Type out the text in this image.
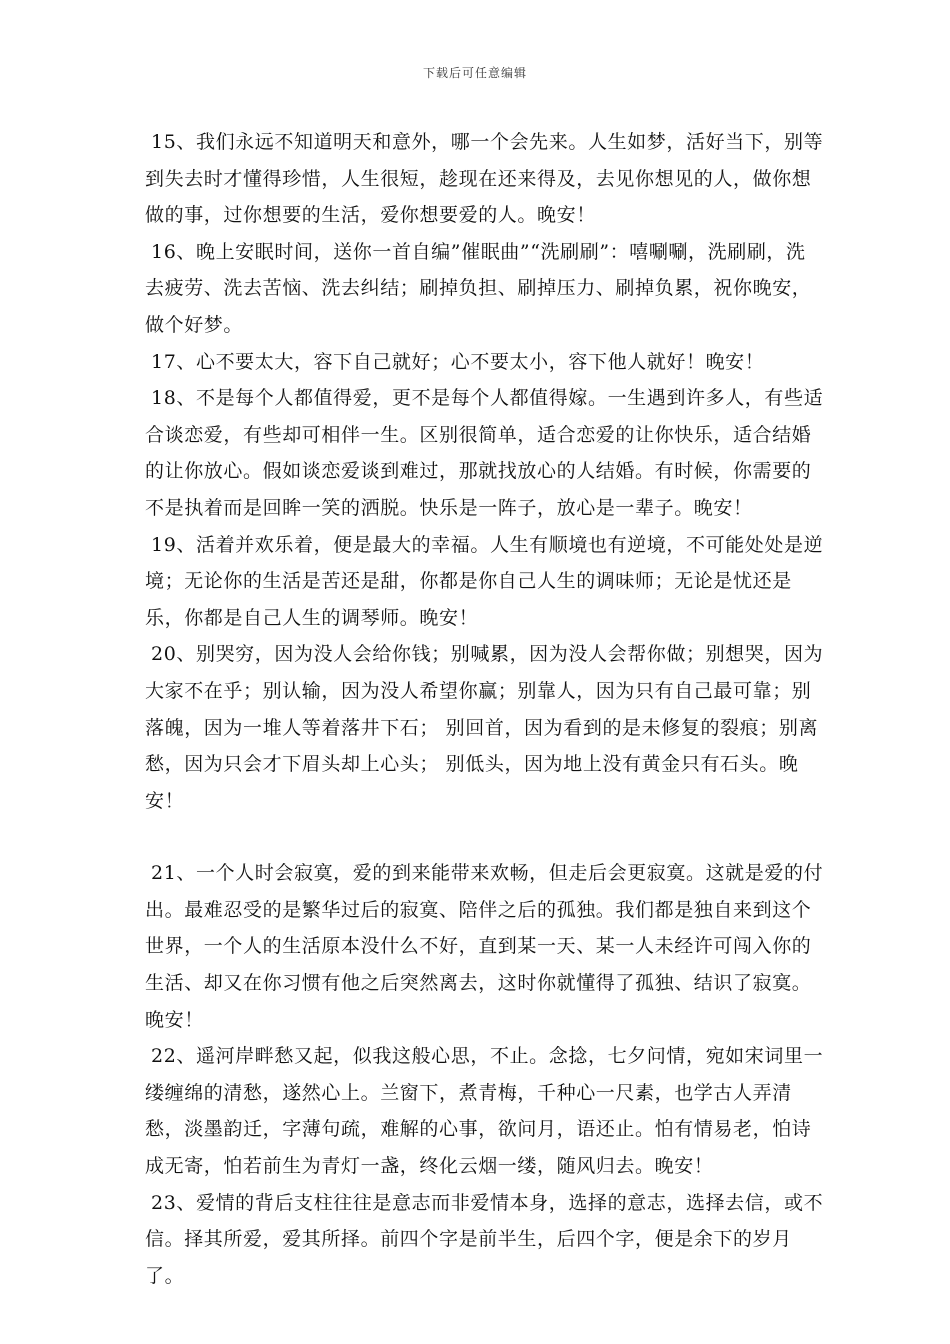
下载后可任意编辑

15、我们永远不知道明天和意外，哪一个会先来。人生如梦，活好当下，别等到失去时才懂得珍惜，人生很短，趁现在还来得及，去见你想见的人，做你想做的事，过你想要的生活，爱你想要爱的人。晚安！

16、晚上安眠时间，送你一首自编”催眠曲”“洗刷刷”：嘻唰唰，洗刷刷，洗去疲劳、洗去苦恼、洗去纠结；刷掉负担、刷掉压力、刷掉负累，祝你晚安，做个好梦。

17、心不要太大，容下自己就好；心不要太小，容下他人就好！晚安！

18、不是每个人都值得爱，更不是每个人都值得嫁。一生遇到许多人，有些适合谈恋爱，有些却可相伴一生。区别很简单，适合恋爱的让你快乐，适合结婚的让你放心。假如谈恋爱谈到难过，那就找放心的人结婚。有时候，你需要的不是执着而是回眸一笑的洒脱。快乐是一阵子，放心是一辈子。晚安！

19、活着并欢乐着，便是最大的幸福。人生有顺境也有逆境，不可能处处是逆境；无论你的生活是苦还是甜，你都是你自己人生的调味师；无论是忧还是乐，你都是自己人生的调琴师。晚安！

20、别哭穷，因为没人会给你钱；别喊累，因为没人会帮你做；别想哭，因为大家不在乎；别认输，因为没人希望你赢；别靠人，因为只有自己最可靠；别落魄，因为一堆人等着落井下石； 别回首，因为看到的是未修复的裂痕；别离愁，因为只会才下眉头却上心头； 别低头，因为地上没有黄金只有石头。晚安！

21、一个人时会寂寞，爱的到来能带来欢畅，但走后会更寂寞。这就是爱的付出。最难忍受的是繁华过后的寂寞、陪伴之后的孤独。我们都是独自来到这个世界，一个人的生活原本没什么不好，直到某一天、某一人未经许可闯入你的生活、却又在你习惯有他之后突然离去，这时你就懂得了孤独、结识了寂寞。晚安！

22、遥河岸畔愁又起，似我这般心思，不止。念捻，七夕问情，宛如宋词里一缕缠绵的清愁，遂然心上。兰窗下，煮青梅，千种心一尺素，也学古人弄清愁，淡墨韵迁，字薄句疏，难解的心事，欲问月，语还止。怕有情易老，怕诗成无寄，怕若前生为青灯一盏，终化云烟一缕，随风归去。晚安！

23、爱情的背后支柱往往是意志而非爱情本身，选择的意志，选择去信，或不信。择其所爱，爱其所择。前四个字是前半生，后四个字，便是余下的岁月了。
